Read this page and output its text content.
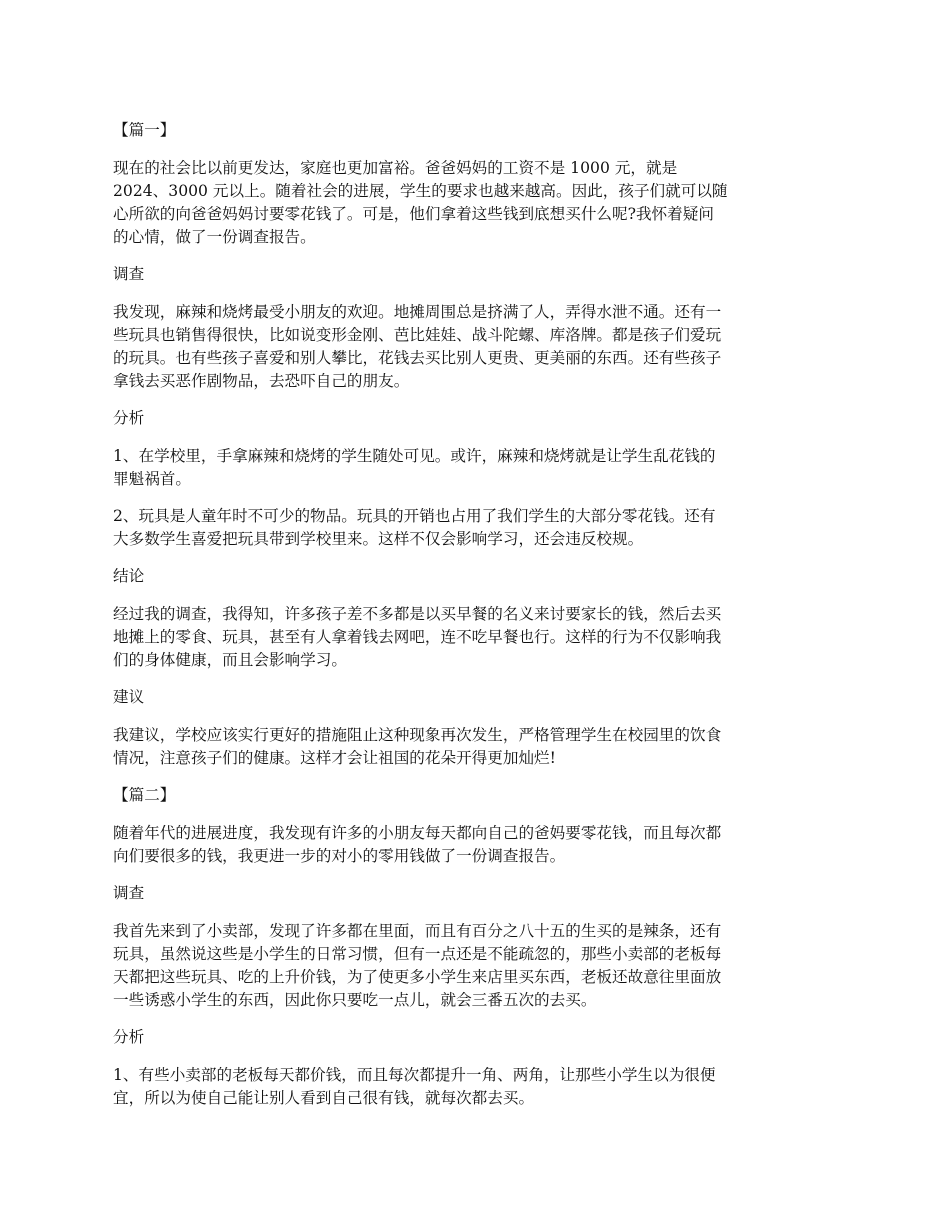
【篇一】
现在的社会比以前更发达，家庭也更加富裕。爸爸妈妈的工资不是 1000 元，就是
2024、3000 元以上。随着社会的进展，学生的要求也越来越高。因此，孩子们就可以随
心所欲的向爸爸妈妈讨要零花钱了。可是，他们拿着这些钱到底想买什么呢?我怀着疑问
的心情，做了一份调查报告。
调查
我发现，麻辣和烧烤最受小朋友的欢迎。地摊周围总是挤满了人，弄得水泄不通。还有一
些玩具也销售得很快，比如说变形金刚、芭比娃娃、战斗陀螺、库洛牌。都是孩子们爱玩
的玩具。也有些孩子喜爱和别人攀比，花钱去买比别人更贵、更美丽的东西。还有些孩子
拿钱去买恶作剧物品，去恐吓自己的朋友。
分析
1、在学校里，手拿麻辣和烧烤的学生随处可见。或许，麻辣和烧烤就是让学生乱花钱的
罪魁祸首。
2、玩具是人童年时不可少的物品。玩具的开销也占用了我们学生的大部分零花钱。还有
大多数学生喜爱把玩具带到学校里来。这样不仅会影响学习，还会违反校规。
结论
经过我的调查，我得知，许多孩子差不多都是以买早餐的名义来讨要家长的钱，然后去买
地摊上的零食、玩具，甚至有人拿着钱去网吧，连不吃早餐也行。这样的行为不仅影响我
们的身体健康，而且会影响学习。
建议
我建议，学校应该实行更好的措施阻止这种现象再次发生，严格管理学生在校园里的饮食
情况，注意孩子们的健康。这样才会让祖国的花朵开得更加灿烂!
【篇二】
随着年代的进展进度，我发现有许多的小朋友每天都向自己的爸妈要零花钱，而且每次都
向们要很多的钱，我更进一步的对小的零用钱做了一份调查报告。
调查
我首先来到了小卖部，发现了许多都在里面，而且有百分之八十五的生买的是辣条，还有
玩具，虽然说这些是小学生的日常习惯，但有一点还是不能疏忽的，那些小卖部的老板每
天都把这些玩具、吃的上升价钱，为了使更多小学生来店里买东西，老板还故意往里面放
一些诱惑小学生的东西，因此你只要吃一点儿，就会三番五次的去买。
分析
1、有些小卖部的老板每天都价钱，而且每次都提升一角、两角，让那些小学生以为很便
宜，所以为使自己能让别人看到自己很有钱，就每次都去买。
